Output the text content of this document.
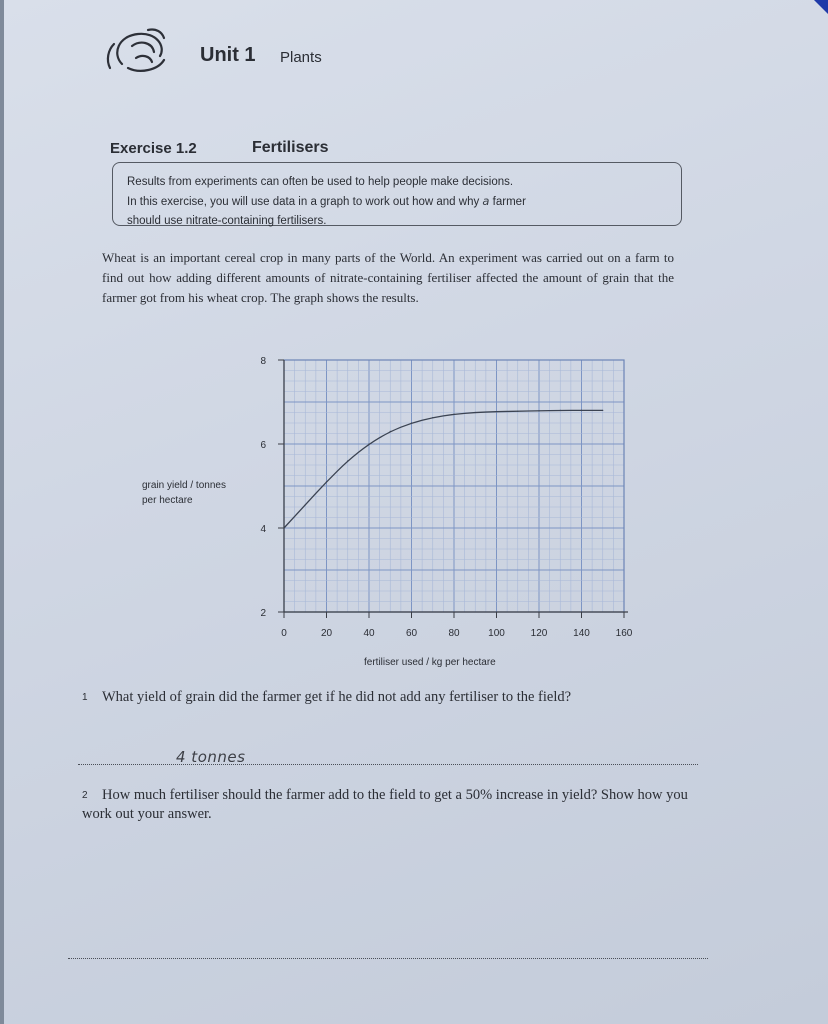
Unit 1 Plants
Exercise 1.2	Fertilisers
Results from experiments can often be used to help people make decisions.
In this exercise, you will use data in a graph to work out how and why a farmer
should use nitrate-containing fertilisers.
Wheat is an important cereal crop in many parts of the World. An experiment was carried out on a farm to find out how adding different amounts of nitrate-containing fertiliser affected the amount of grain that the farmer got from his wheat crop. The graph shows the results.
0	20	40	60	80	100	120	140	160
2
4
6
8
grain yield / tonnes per hectare
fertiliser used / kg per hectare
1 What yield of grain did the farmer get if he did not add any fertiliser to the field?
4 tonnes
2 How much fertiliser should the farmer add to the field to get a 50% increase in yield? Show how you work out your answer.
